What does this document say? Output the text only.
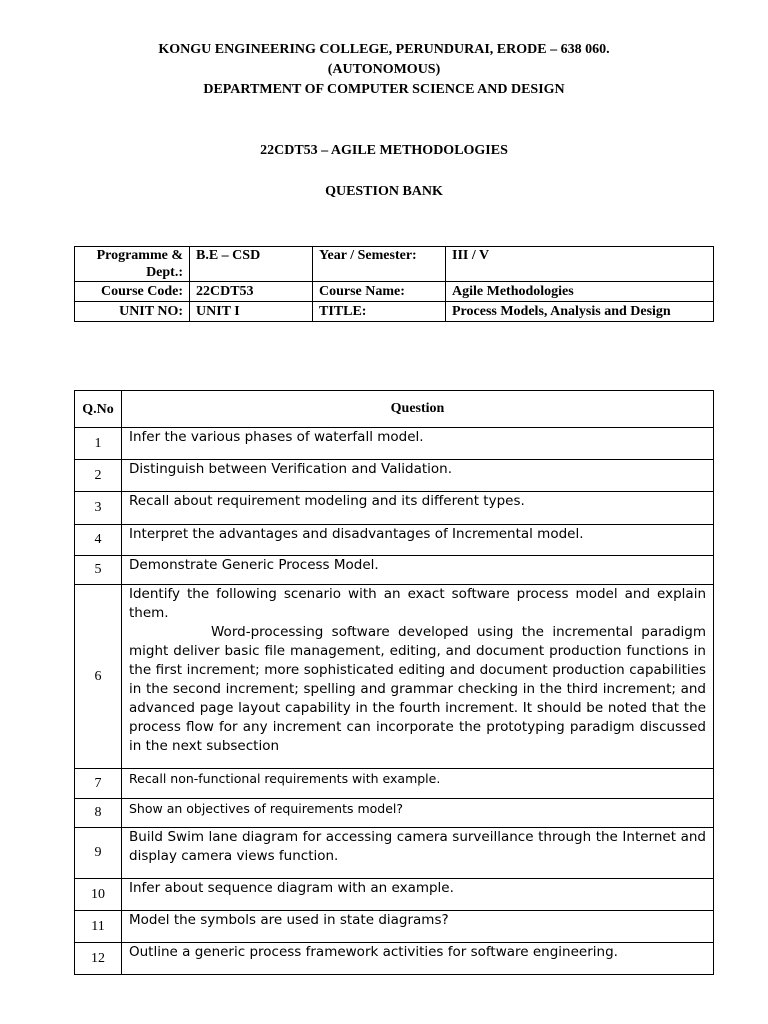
KONGU ENGINEERING COLLEGE, PERUNDURAI, ERODE – 638 060.
(AUTONOMOUS)
DEPARTMENT OF COMPUTER SCIENCE AND DESIGN
22CDT53 – AGILE METHODOLOGIES
QUESTION BANK
Programme & Dept.:	B.E – CSD	Year / Semester:	III / V
Course Code:	22CDT53	Course Name:	Agile Methodologies
UNIT NO:	UNIT I	TITLE:	Process Models, Analysis and Design
Q.No	Question
1	Infer the various phases of waterfall model.
2	Distinguish between Verification and Validation.
3	Recall about requirement modeling and its different types.
4	Interpret the advantages and disadvantages of Incremental model.
5	Demonstrate Generic Process Model.
6	Identify the following scenario with an exact software process model and explain them.
Word-processing software developed using the incremental paradigm might deliver basic file management, editing, and document production functions in the first increment; more sophisticated editing and document production capabilities in the second increment; spelling and grammar checking in the third increment; and advanced page layout capability in the fourth increment. It should be noted that the process flow for any increment can incorporate the prototyping paradigm discussed in the next subsection

7	Recall non-functional requirements with example.
8	Show an objectives of requirements model?
9	Build Swim lane diagram for accessing camera surveillance through the Internet and display camera views function.
10	Infer about sequence diagram with an example.
11	Model the symbols are used in state diagrams?
12	Outline a generic process framework activities for software engineering.
